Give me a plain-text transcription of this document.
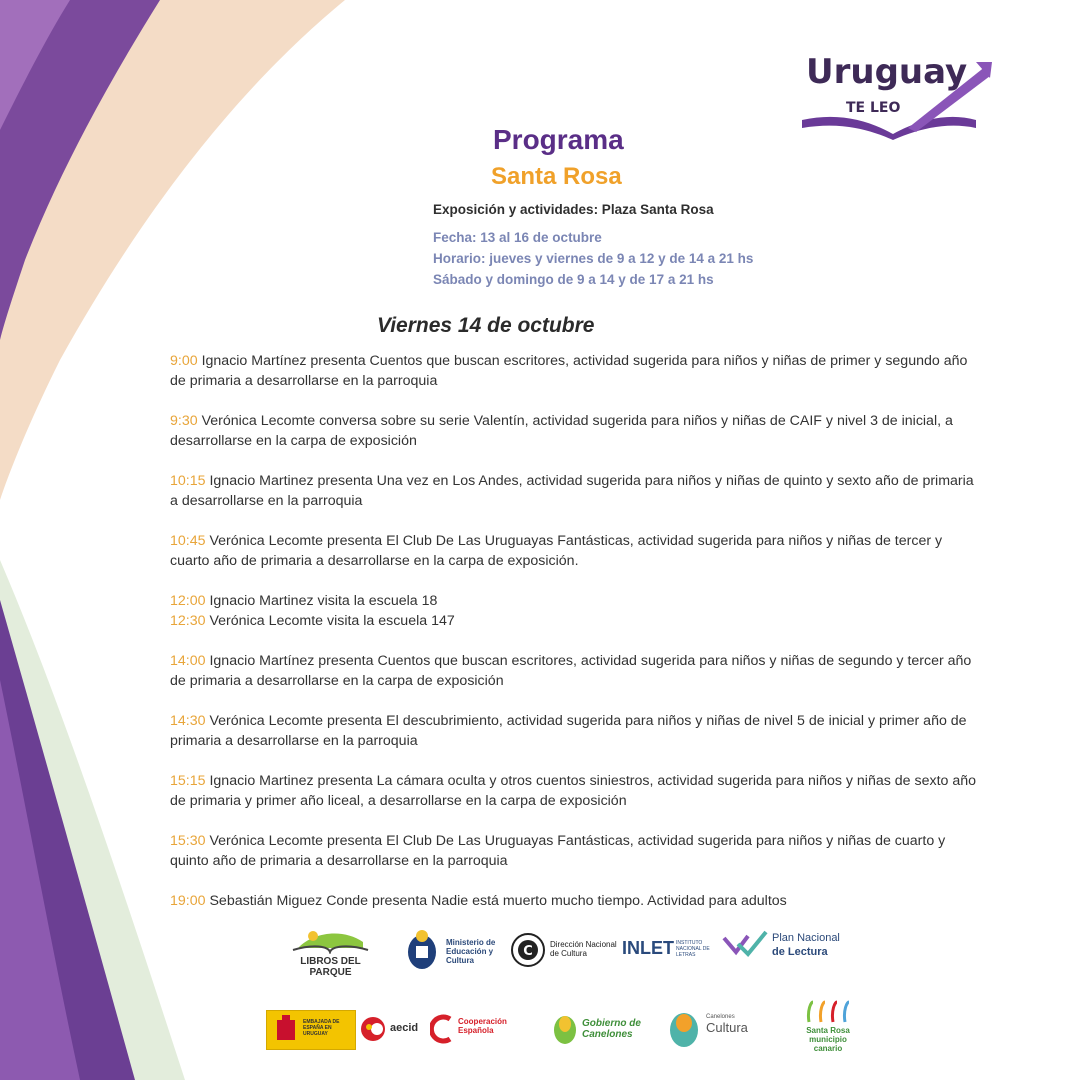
Uruguay
TE LEO
Programa
Santa Rosa
Exposición y actividades: Plaza Santa Rosa
Fecha: 13 al 16 de octubre
Horario: jueves y viernes de 9 a 12 y de 14 a 21 hs
Sábado y domingo de 9 a 14 y de 17 a 21 hs
Viernes 14 de octubre
9:00 Ignacio Martínez presenta Cuentos que buscan escritores, actividad sugerida para niños y niñas de primer y segundo año de primaria a desarrollarse en la parroquia
9:30 Verónica Lecomte conversa sobre su serie Valentín, actividad sugerida para niños y niñas de CAIF y nivel 3 de inicial, a desarrollarse en la carpa de exposición
10:15 Ignacio Martinez presenta Una vez en Los Andes, actividad sugerida para niños y niñas de quinto y sexto año de primaria a desarrollarse en la parroquia
10:45 Verónica Lecomte presenta El Club De Las Uruguayas Fantásticas, actividad sugerida para niños y niñas de tercer y cuarto año de primaria a desarrollarse en la carpa de exposición.
12:00 Ignacio Martinez visita la escuela 18
12:30 Verónica Lecomte visita la escuela 147
14:00 Ignacio Martínez presenta Cuentos que buscan escritores, actividad sugerida para niños y niñas de segundo y tercer año de primaria a desarrollarse en la carpa de exposición
14:30 Verónica Lecomte presenta El descubrimiento, actividad sugerida para niños y niñas de nivel 5 de inicial y primer año de primaria a desarrollarse en la parroquia
15:15 Ignacio Martinez presenta La cámara oculta y otros cuentos siniestros, actividad sugerida para niños y niñas de sexto año de primaria y primer año liceal, a desarrollarse en la carpa de exposición
15:30 Verónica Lecomte presenta El Club De Las Uruguayas Fantásticas, actividad sugerida para niños y niñas de cuarto y quinto año de primaria a desarrollarse en la parroquia
19:00 Sebastián Miguez Conde presenta Nadie está muerto mucho tiempo. Actividad para adultos
LIBROS DEL PARQUE
Ministerio de Educación y Cultura
C Dirección Nacional de Cultura	INLET INSTITUTO NACIONAL DE LETRAS
Plan Nacional
de Lectura
EMBAJADA DE ESPAÑA EN URUGUAY	aecid
Cooperación
Española
Gobierno de
Canelones
Canelones
Cultura	Santa Rosa
municipio
canario
